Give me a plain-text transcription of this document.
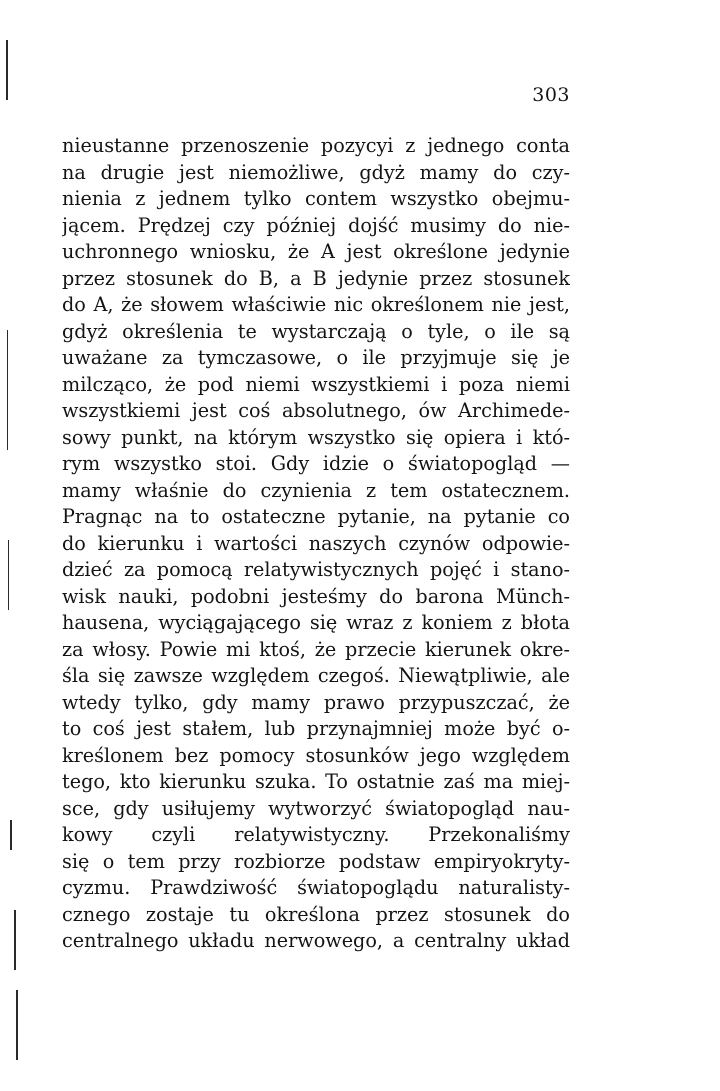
303
nieustanne przenoszenie pozycyi z jednego conta
na drugie jest niemożliwe, gdyż mamy do czy-
nienia z jednem tylko contem wszystko obejmu-
jącem. Prędzej czy później dojść musimy do nie-
uchronnego wniosku, że A jest określone jedynie
przez stosunek do B, a B jedynie przez stosunek
do A, że słowem właściwie nic określonem nie jest,
gdyż określenia te wystarczają o tyle, o ile są
uważane za tymczasowe, o ile przyjmuje się je
milcząco, że pod niemi wszystkiemi i poza niemi
wszystkiemi jest coś absolutnego, ów Archimede-
sowy punkt, na którym wszystko się opiera i któ-
rym wszystko stoi. Gdy idzie o światopogląd —
mamy właśnie do czynienia z tem ostatecznem.
Pragnąc na to ostateczne pytanie, na pytanie co
do kierunku i wartości naszych czynów odpowie-
dzieć za pomocą relatywistycznych pojęć i stano-
wisk nauki, podobni jesteśmy do barona Münch-
hausena, wyciągającego się wraz z koniem z błota
za włosy. Powie mi ktoś, że przecie kierunek okre-
śla się zawsze względem czegoś. Niewątpliwie, ale
wtedy tylko, gdy mamy prawo przypuszczać, że
to coś jest stałem, lub przynajmniej może być o-
kreślonem bez pomocy stosunków jego względem
tego, kto kierunku szuka. To ostatnie zaś ma miej-
sce, gdy usiłujemy wytworzyć światopogląd nau-
kowy czyli relatywistyczny. Przekonaliśmy
się o tem przy rozbiorze podstaw empiryokryty-
cyzmu. Prawdziwość światopoglądu naturalisty-
cznego zostaje tu określona przez stosunek do
centralnego układu nerwowego, a centralny układ
